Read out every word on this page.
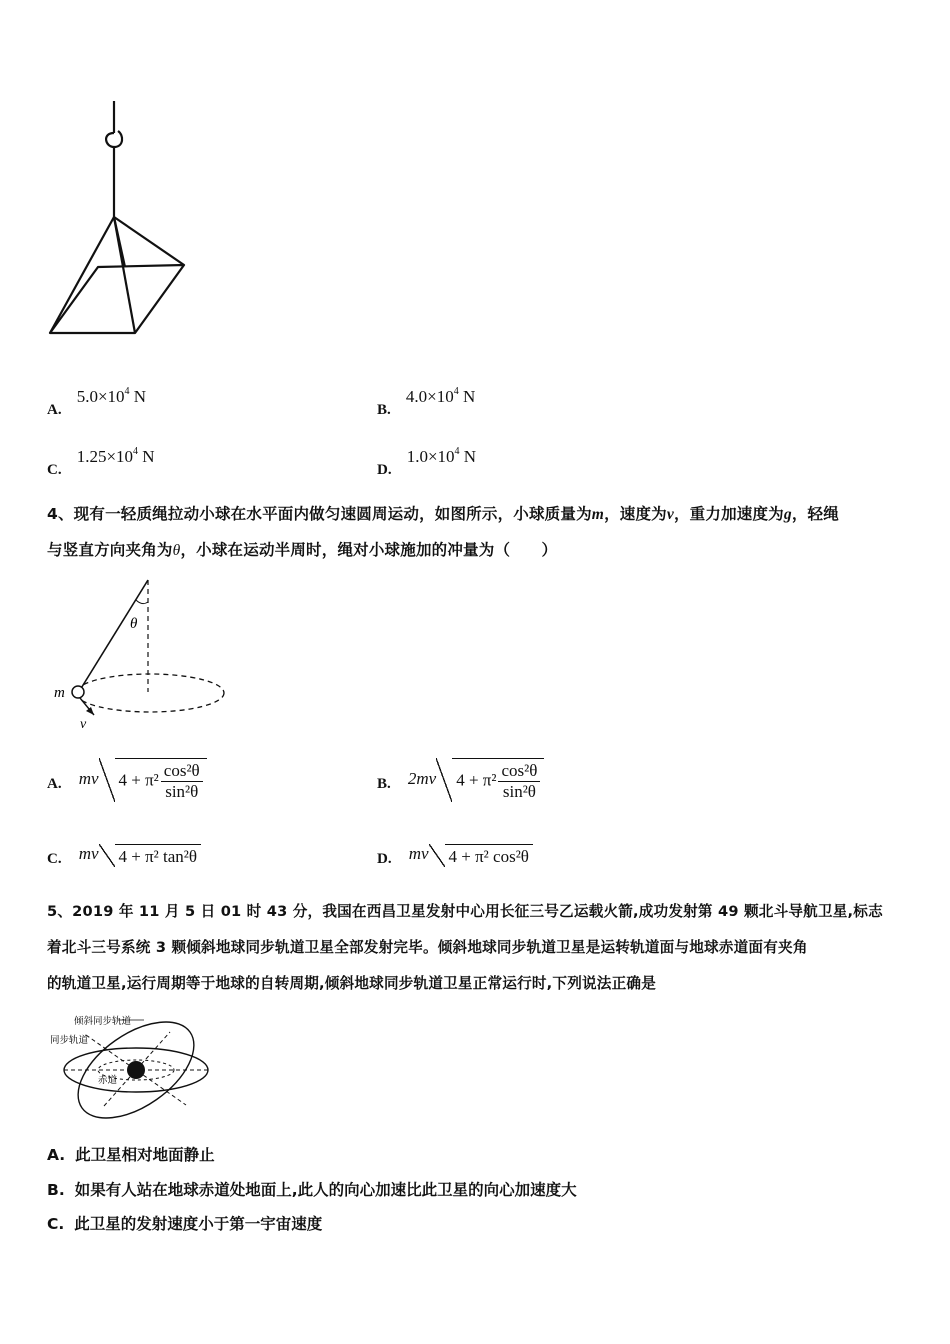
A. $5.0\times 10^4$ N
B. $4.0\times 10^4$ N
C. $1.25\times 10^4$ N
D. $1.0\times 10^4$ N
4、现有一轻质绳拉动小球在水平面内做匀速圆周运动，如图所示，小球质量为m，速度为v，重力加速度为g，轻绳
与竖直方向夹角为θ，小球在运动半周时，绳对小球施加的冲量为（　　）
θ
m
v
A. mv $4 + \pi^2 \frac{\text{cos²θ}}{\text{sin²θ}}$	B. 2mv $4 + \pi^2 \frac{\text{cos²θ}}{\text{sin²θ}}$
C. mv 4 + π² tan²θ	D. mv 4 + π² cos²θ
5、2019 年 11 月 5 日 01 时 43 分，我国在西昌卫星发射中心用长征三号乙运载火箭,成功发射第 49 颗北斗导航卫星,标志
着北斗三号系统 3 颗倾斜地球同步轨道卫星全部发射完毕。倾斜地球同步轨道卫星是运转轨道面与地球赤道面有夹角
的轨道卫星,运行周期等于地球的自转周期,倾斜地球同步轨道卫星正常运行时,下列说法正确是
倾斜同步轨道
同步轨道
赤道
A. 此卫星相对地面静止
B. 如果有人站在地球赤道处地面上,此人的向心加速比此卫星的向心加速度大
C. 此卫星的发射速度小于第一宇宙速度
